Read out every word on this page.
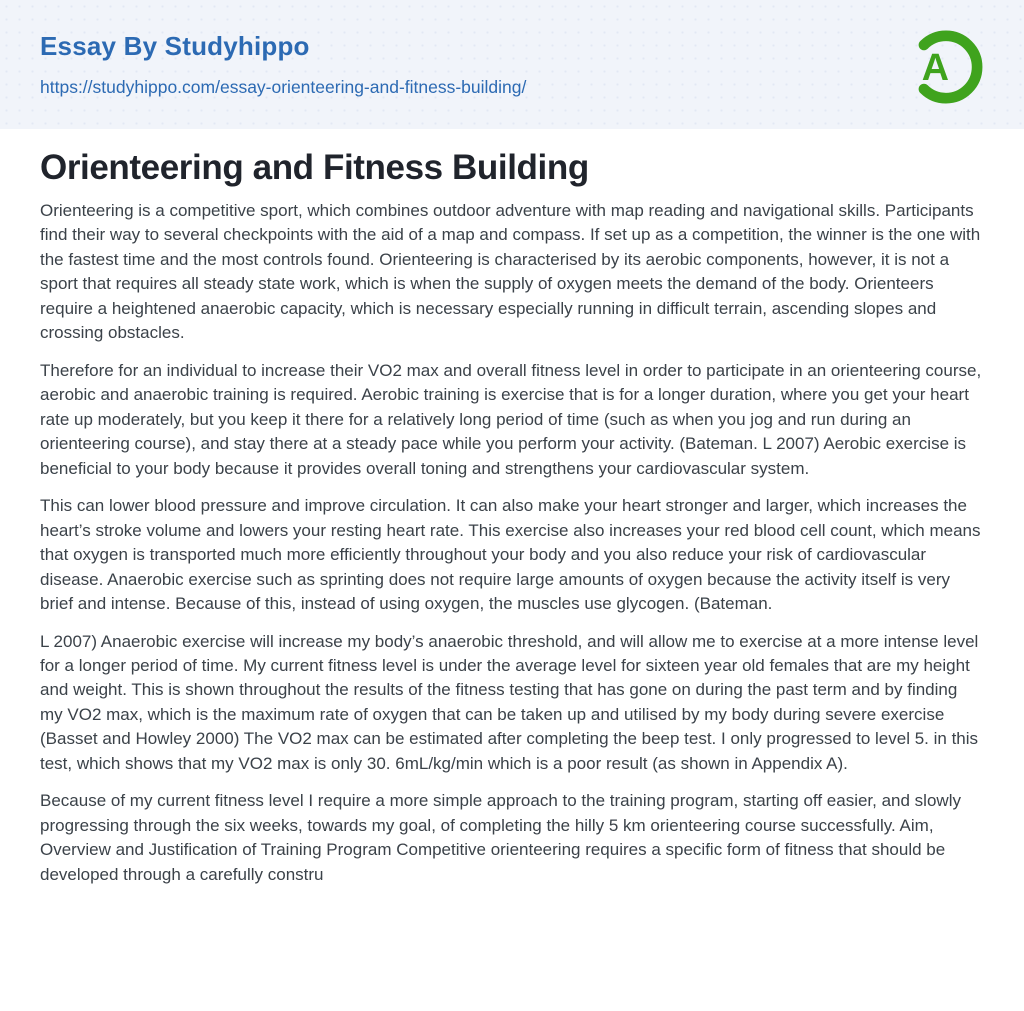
Essay By Studyhippo
https://studyhippo.com/essay-orienteering-and-fitness-building/	A
Orienteering and Fitness Building

Orienteering is a competitive sport, which combines outdoor adventure with map reading and navigational skills. Participants find their way to several checkpoints with the aid of a map and compass. If set up as a competition, the winner is the one with the fastest time and the most controls found. Orienteering is characterised by its aerobic components, however, it is not a sport that requires all steady state work, which is when the supply of oxygen meets the demand of the body. Orienteers require a heightened anaerobic capacity, which is necessary especially running in difficult terrain, ascending slopes and crossing obstacles.

Therefore for an individual to increase their VO2 max and overall fitness level in order to participate in an orienteering course, aerobic and anaerobic training is required. Aerobic training is exercise that is for a longer duration, where you get your heart rate up moderately, but you keep it there for a relatively long period of time (such as when you jog and run during an orienteering course), and stay there at a steady pace while you perform your activity. (Bateman. L 2007) Aerobic exercise is beneficial to your body because it provides overall toning and strengthens your cardiovascular system.

This can lower blood pressure and improve circulation. It can also make your heart stronger and larger, which increases the heart’s stroke volume and lowers your resting heart rate. This exercise also increases your red blood cell count, which means that oxygen is transported much more efficiently throughout your body and you also reduce your risk of cardiovascular disease. Anaerobic exercise such as sprinting does not require large amounts of oxygen because the activity itself is very brief and intense. Because of this, instead of using oxygen, the muscles use glycogen. (Bateman.

L 2007) Anaerobic exercise will increase my body’s anaerobic threshold, and will allow me to exercise at a more intense level for a longer period of time. My current fitness level is under the average level for sixteen year old females that are my height and weight. This is shown throughout the results of the fitness testing that has gone on during the past term and by finding my VO2 max, which is the maximum rate of oxygen that can be taken up and utilised by my body during severe exercise (Basset and Howley 2000) The VO2 max can be estimated after completing the beep test. I only progressed to level 5. in this test, which shows that my VO2 max is only 30. 6mL/kg/min which is a poor result (as shown in Appendix A).

Because of my current fitness level I require a more simple approach to the training program, starting off easier, and slowly progressing through the six weeks, towards my goal, of completing the hilly 5 km orienteering course successfully. Aim, Overview and Justification of Training Program Competitive orienteering requires a specific form of fitness that should be developed through a carefully constru
